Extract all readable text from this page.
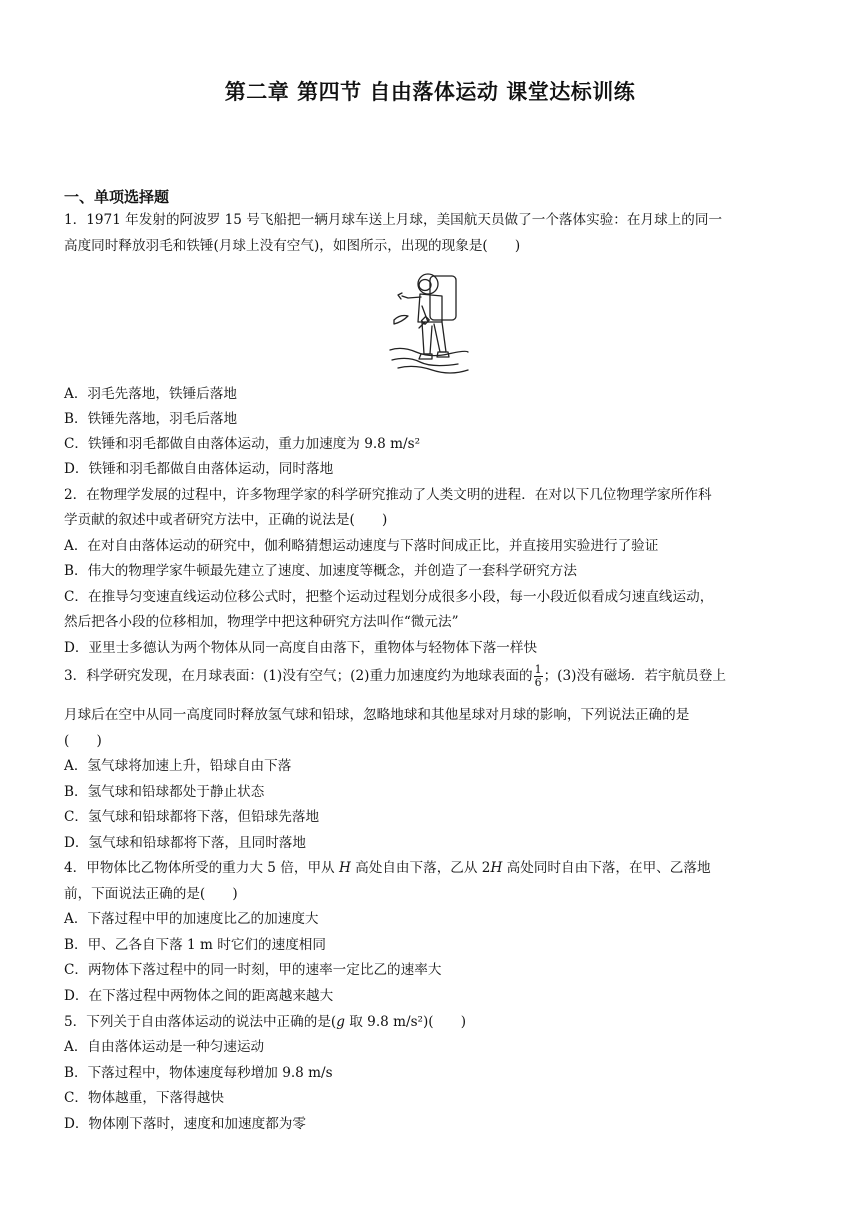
第二章 第四节 自由落体运动 课堂达标训练
一、单项选择题
1．1971 年发射的阿波罗 15 号飞船把一辆月球车送上月球，美国航天员做了一个落体实验：在月球上的同一
高度同时释放羽毛和铁锤(月球上没有空气)，如图所示，出现的现象是(　　)
A．羽毛先落地，铁锤后落地
B．铁锤先落地，羽毛后落地
C．铁锤和羽毛都做自由落体运动，重力加速度为 9.8 m/s²
D．铁锤和羽毛都做自由落体运动，同时落地
2．在物理学发展的过程中，许多物理学家的科学研究推动了人类文明的进程．在对以下几位物理学家所作科
学贡献的叙述中或者研究方法中，正确的说法是(　　)
A．在对自由落体运动的研究中，伽利略猜想运动速度与下落时间成正比，并直接用实验进行了验证
B．伟大的物理学家牛顿最先建立了速度、加速度等概念，并创造了一套科学研究方法
C．在推导匀变速直线运动位移公式时，把整个运动过程划分成很多小段，每一小段近似看成匀速直线运动，
然后把各小段的位移相加，物理学中把这种研究方法叫作“微元法”
D．亚里士多德认为两个物体从同一高度自由落下，重物体与轻物体下落一样快
3．科学研究发现，在月球表面：(1)没有空气；(2)重力加速度约为地球表面的 $\frac{1}{6}$ ；(3)没有磁场．若宇航员登上
月球后在空中从同一高度同时释放氢气球和铅球，忽略地球和其他星球对月球的影响，下列说法正确的是
(　　)
A．氢气球将加速上升，铅球自由下落
B．氢气球和铅球都处于静止状态
C．氢气球和铅球都将下落，但铅球先落地
D．氢气球和铅球都将下落，且同时落地
4．甲物体比乙物体所受的重力大 5 倍，甲从 H 高处自由下落，乙从 2H 高处同时自由下落，在甲、乙落地
前，下面说法正确的是(　　)
A．下落过程中甲的加速度比乙的加速度大
B．甲、乙各自下落 1 m 时它们的速度相同
C．两物体下落过程中的同一时刻，甲的速率一定比乙的速率大
D．在下落过程中两物体之间的距离越来越大
5．下列关于自由落体运动的说法中正确的是(g 取 9.8 m/s²)(　　)
A．自由落体运动是一种匀速运动
B．下落过程中，物体速度每秒增加 9.8 m/s
C．物体越重，下落得越快
D．物体刚下落时，速度和加速度都为零
